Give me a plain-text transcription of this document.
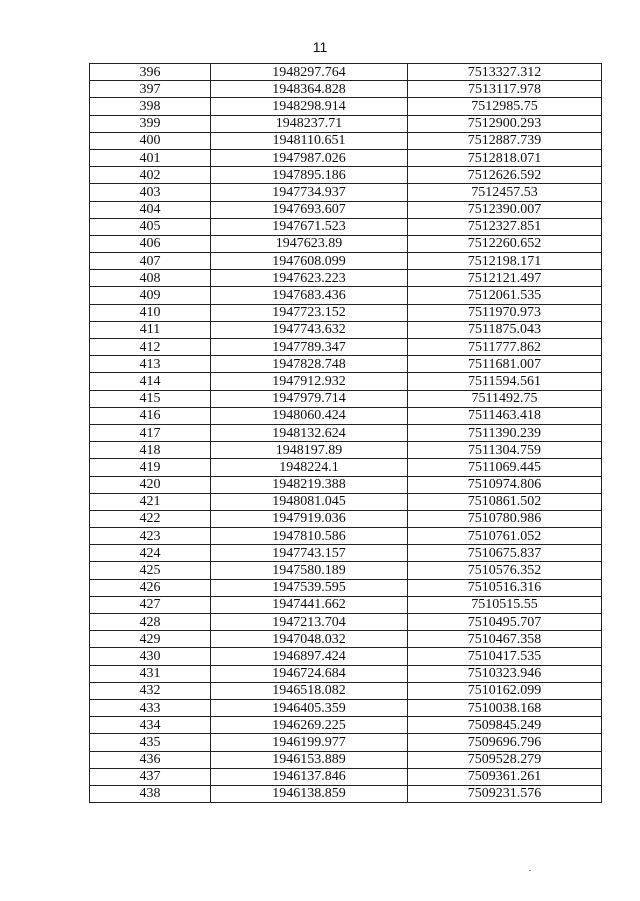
11
396	1948297.764	7513327.312
397	1948364.828	7513117.978
398	1948298.914	7512985.75
399	1948237.71	7512900.293
400	1948110.651	7512887.739
401	1947987.026	7512818.071
402	1947895.186	7512626.592
403	1947734.937	7512457.53
404	1947693.607	7512390.007
405	1947671.523	7512327.851
406	1947623.89	7512260.652
407	1947608.099	7512198.171
408	1947623.223	7512121.497
409	1947683.436	7512061.535
410	1947723.152	7511970.973
411	1947743.632	7511875.043
412	1947789.347	7511777.862
413	1947828.748	7511681.007
414	1947912.932	7511594.561
415	1947979.714	7511492.75
416	1948060.424	7511463.418
417	1948132.624	7511390.239
418	1948197.89	7511304.759
419	1948224.1	7511069.445
420	1948219.388	7510974.806
421	1948081.045	7510861.502
422	1947919.036	7510780.986
423	1947810.586	7510761.052
424	1947743.157	7510675.837
425	1947580.189	7510576.352
426	1947539.595	7510516.316
427	1947441.662	7510515.55
428	1947213.704	7510495.707
429	1947048.032	7510467.358
430	1946897.424	7510417.535
431	1946724.684	7510323.946
432	1946518.082	7510162.099
433	1946405.359	7510038.168
434	1946269.225	7509845.249
435	1946199.977	7509696.796
436	1946153.889	7509528.279
437	1946137.846	7509361.261
438	1946138.859	7509231.576
